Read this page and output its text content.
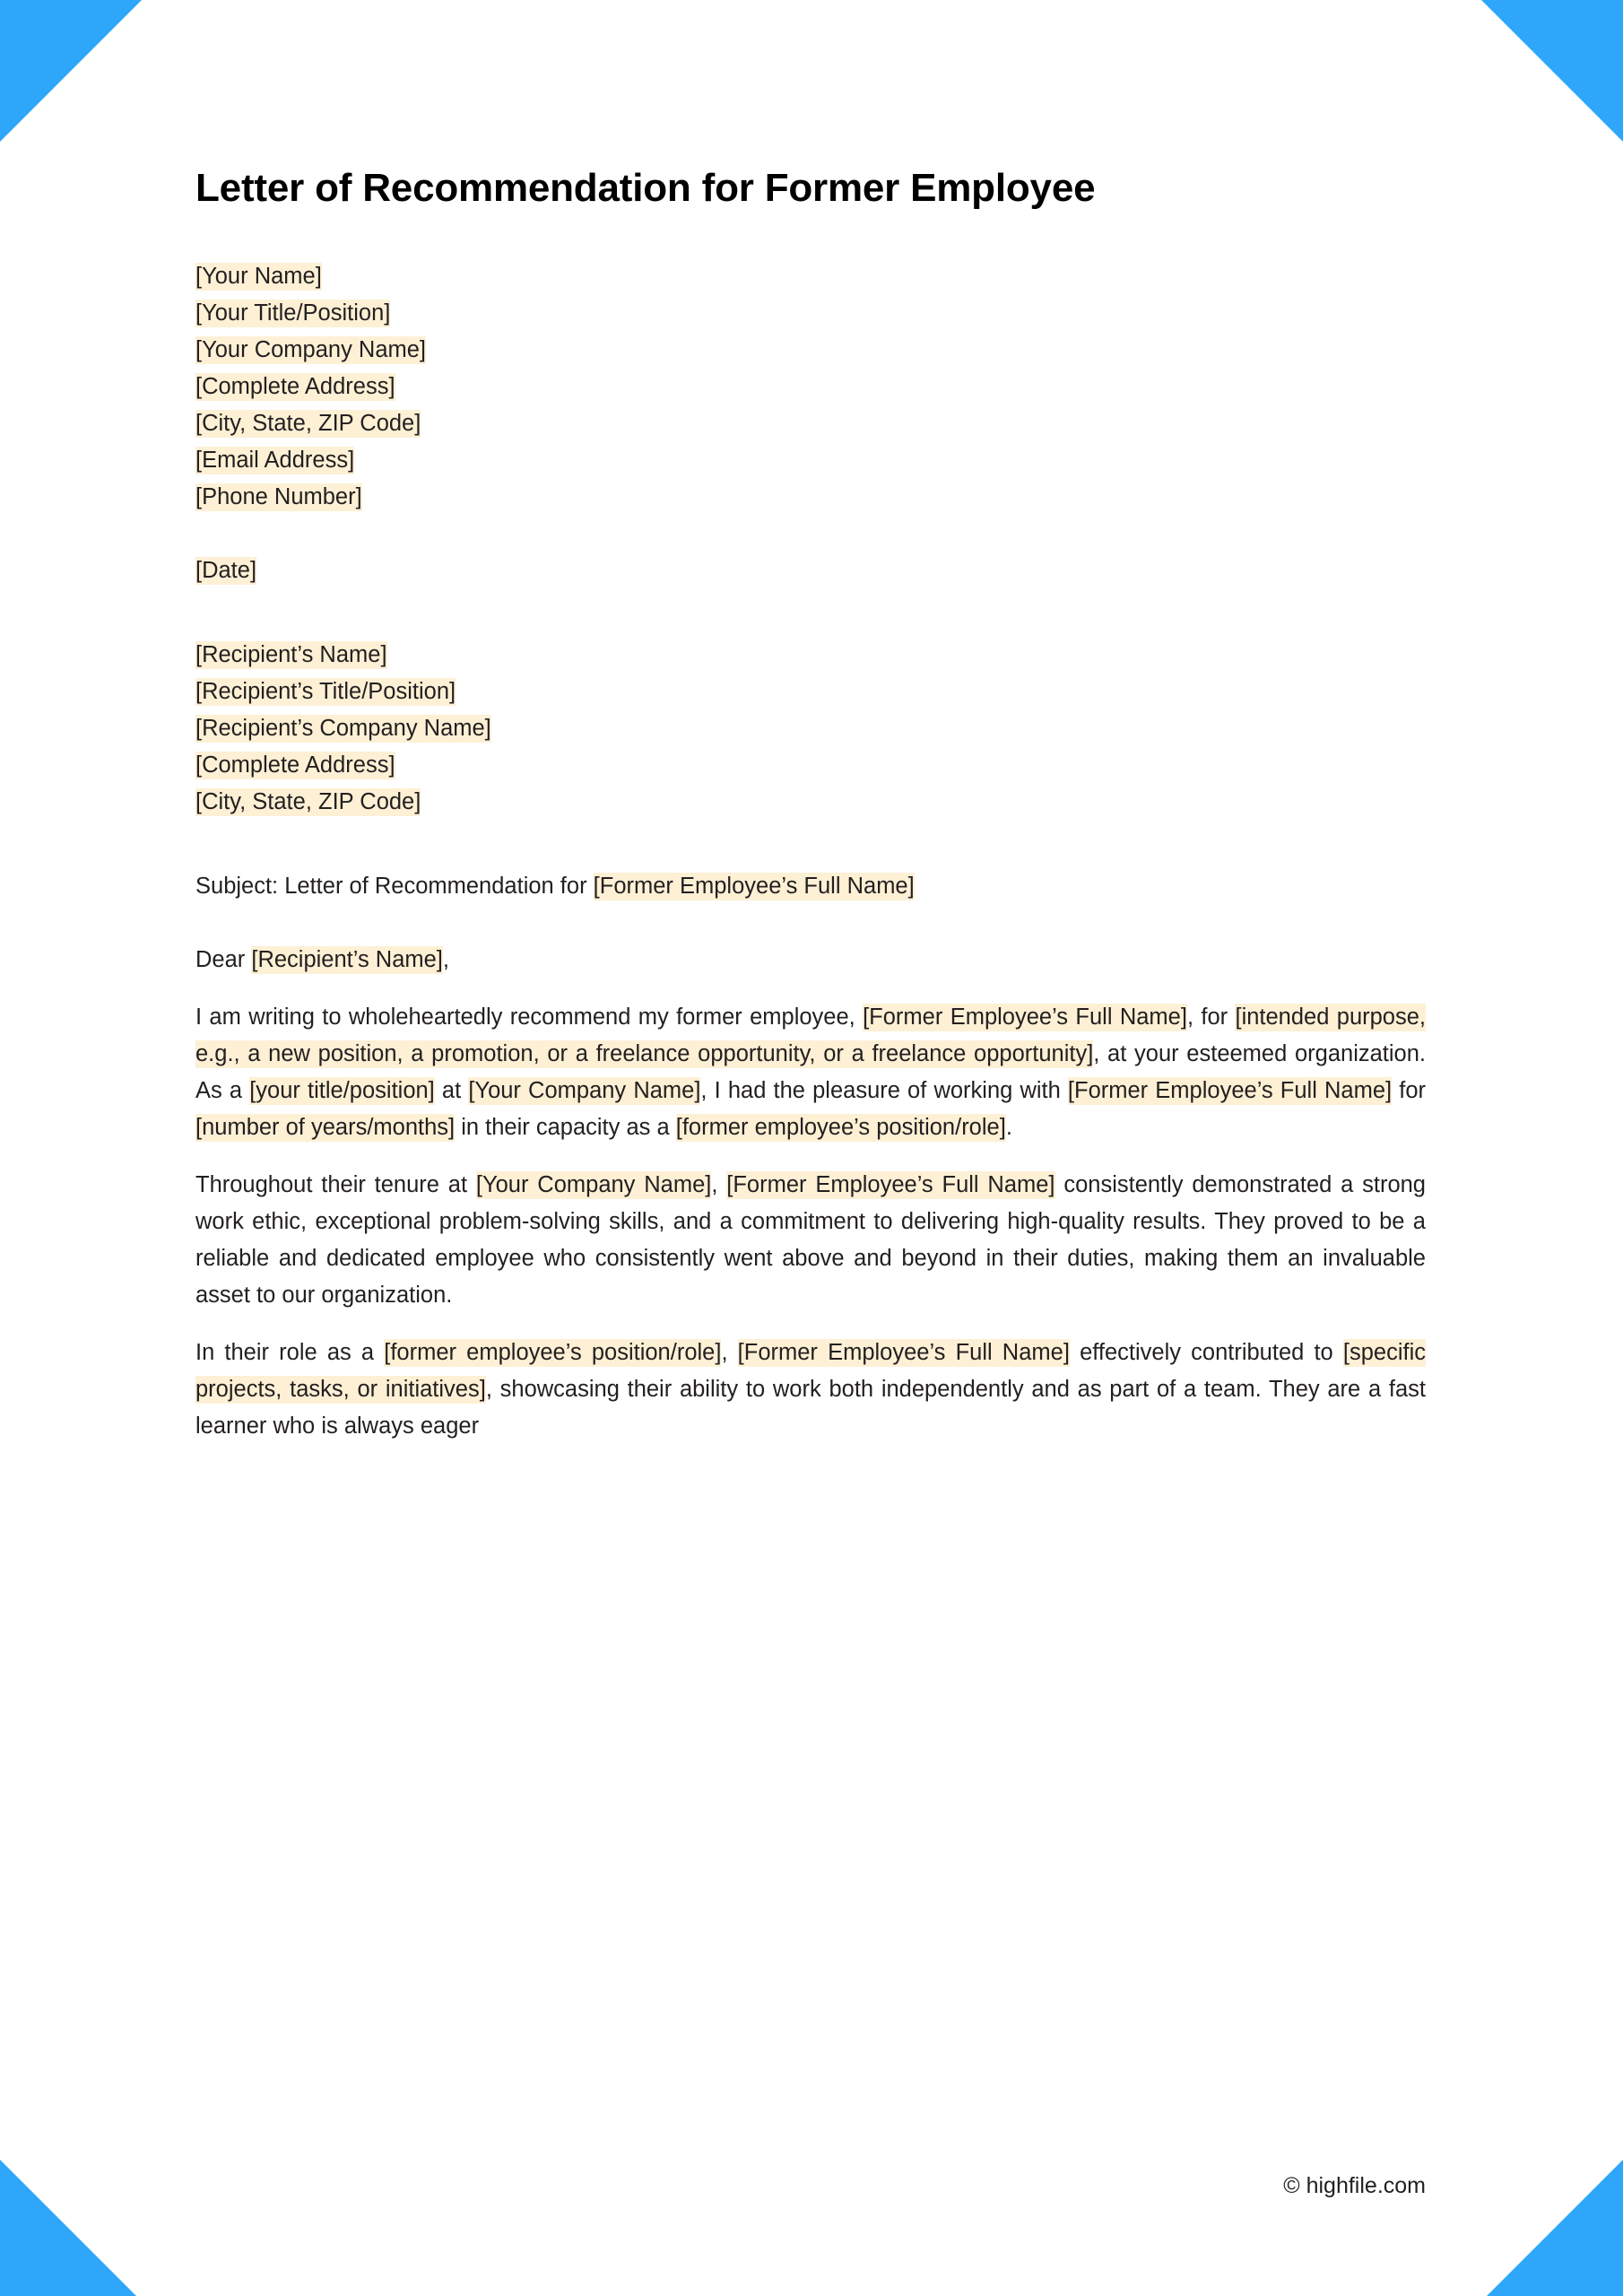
Letter of Recommendation for Former Employee
[Your Name]
[Your Title/Position]
[Your Company Name]
[Complete Address]
[City, State, ZIP Code]
[Email Address]
[Phone Number]
[Date]
[Recipient’s Name]
[Recipient’s Title/Position]
[Recipient’s Company Name]
[Complete Address]
[City, State, ZIP Code]
Subject: Letter of Recommendation for [Former Employee’s Full Name]
Dear [Recipient’s Name],

I am writing to wholeheartedly recommend my former employee, [Former Employee’s Full Name], for [intended purpose, e.g., a new position, a promotion, or a freelance opportunity, or a freelance opportunity], at your esteemed organization. As a [your title/position] at [Your Company Name], I had the pleasure of working with [Former Employee’s Full Name] for [number of years/months] in their capacity as a [former employee’s position/role].

Throughout their tenure at [Your Company Name], [Former Employee’s Full Name] consistently demonstrated a strong work ethic, exceptional problem-solving skills, and a commitment to delivering high-quality results. They proved to be a reliable and dedicated employee who consistently went above and beyond in their duties, making them an invaluable asset to our organization.

In their role as a [former employee’s position/role], [Former Employee’s Full Name] effectively contributed to [specific projects, tasks, or initiatives], showcasing their ability to work both independently and as part of a team. They are a fast learner who is always eager

© highfile.com
